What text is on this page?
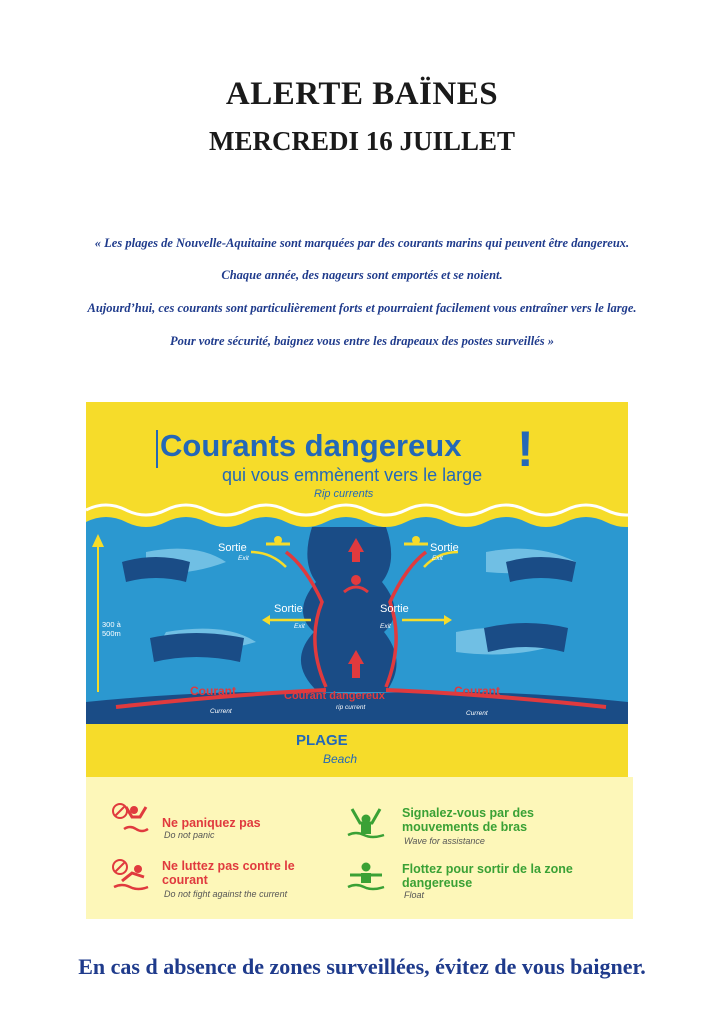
ALERTE BAÏNES
MERCREDI 16 JUILLET
« Les plages de Nouvelle-Aquitaine sont marquées par des courants marins qui peuvent être dangereux.
Chaque année, des nageurs sont emportés et se noient.
Aujourd’hui, ces courants sont particulièrement forts et pourraient facilement vous entraîner vers le large.
Pour votre sécurité, baignez vous entre les drapeaux des postes surveillés »
Courants dangereux !
qui vous emmènent vers le large
Rip currents
Sortie
Exit
Sortie
Exit
Sortie
Exit
Sortie
Exit
300 à 500m
Courant
Current
Courant
Current
Courant dangereux
rip current
PLAGE
Beach
Ne paniquez pas
Do not panic
Signalez-vous par des mouvements de bras
Wave for assistance
Ne luttez pas contre le courant
Do not fight against the current
Flottez pour sortir de la zone dangereuse
Float
En cas d absence de zones surveillées, évitez de vous baigner.
